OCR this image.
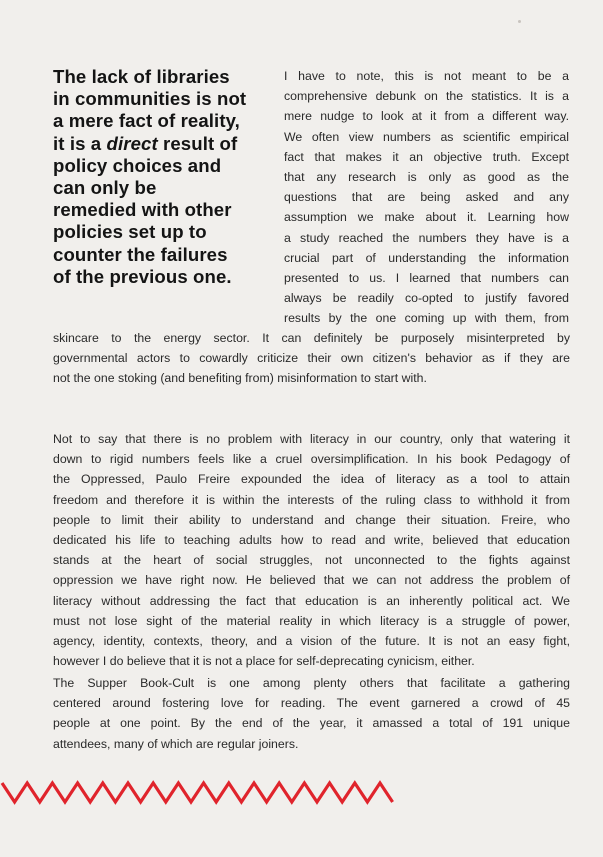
The lack of libraries
in communities is not
a mere fact of reality,
it is a direct result of
policy choices and
can only be
remedied with other
policies set up to
counter the failures
of the previous one.
I have to note, this is not meant to be a
comprehensive debunk on the statistics. It is a
mere nudge to look at it from a different way.
We often view numbers as scientific empirical
fact that makes it an objective truth. Except
that any research is only as good as the
questions that are being asked and any
assumption we make about it. Learning how
a study reached the numbers they have is a
crucial part of understanding the information
presented to us. I learned that numbers can
always be readily co-opted to justify favored
results by the one coming up with them, from
skincare to the energy sector. It can definitely be purposely misinterpreted by
governmental actors to cowardly criticize their own citizen's behavior as if they are
not the one stoking (and benefiting from) misinformation to start with.
Not to say that there is no problem with literacy in our country, only that watering it
down to rigid numbers feels like a cruel oversimplification. In his book Pedagogy of
the Oppressed, Paulo Freire expounded the idea of literacy as a tool to attain
freedom and therefore it is within the interests of the ruling class to withhold it from
people to limit their ability to understand and change their situation. Freire, who
dedicated his life to teaching adults how to read and write, believed that education
stands at the heart of social struggles, not unconnected to the fights against
oppression we have right now. He believed that we can not address the problem of
literacy without addressing the fact that education is an inherently political act. We
must not lose sight of the material reality in which literacy is a struggle of power,
agency, identity, contexts, theory, and a vision of the future. It is not an easy fight,
however I do believe that it is not a place for self-deprecating cynicism, either.
The Supper Book-Cult is one among plenty others that facilitate a gathering
centered around fostering love for reading. The event garnered a crowd of 45
people at one point. By the end of the year, it amassed a total of 191 unique
attendees, many of which are regular joiners.
